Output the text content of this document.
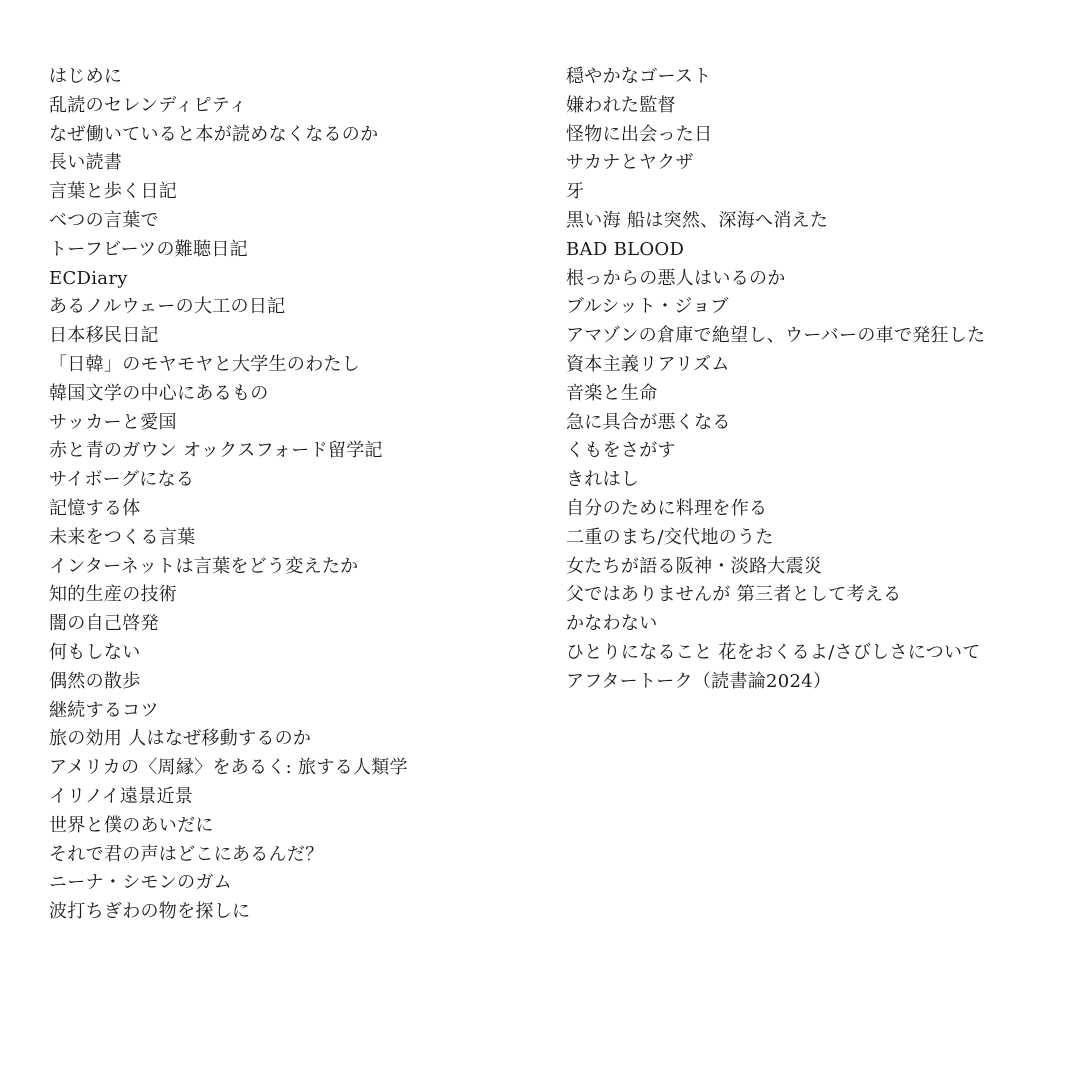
はじめに
乱読のセレンディピティ
なぜ働いていると本が読めなくなるのか
長い読書
言葉と歩く日記
べつの言葉で
トーフビーツの難聴日記
ECDiary
あるノルウェーの大工の日記
日本移民日記
「日韓」のモヤモヤと大学生のわたし
韓国文学の中心にあるもの
サッカーと愛国
赤と青のガウン オックスフォード留学記
サイボーグになる
記憶する体
未来をつくる言葉
インターネットは言葉をどう変えたか
知的生産の技術
闇の自己啓発
何もしない
偶然の散歩
継続するコツ
旅の効用 人はなぜ移動するのか
アメリカの〈周縁〉をあるく: 旅する人類学
イリノイ遠景近景
世界と僕のあいだに
それで君の声はどこにあるんだ？
ニーナ・シモンのガム
波打ちぎわの物を探しに
穏やかなゴースト
嫌われた監督
怪物に出会った日
サカナとヤクザ
牙
黒い海 船は突然、深海へ消えた
BAD BLOOD
根っからの悪人はいるのか
ブルシット・ジョブ
アマゾンの倉庫で絶望し、ウーバーの車で発狂した
資本主義リアリズム
音楽と生命
急に具合が悪くなる
くもをさがす
きれはし
自分のために料理を作る
二重のまち/交代地のうた
女たちが語る阪神・淡路大震災
父ではありませんが 第三者として考える
かなわない
ひとりになること 花をおくるよ/さびしさについて
アフタートーク（読書論2024）
